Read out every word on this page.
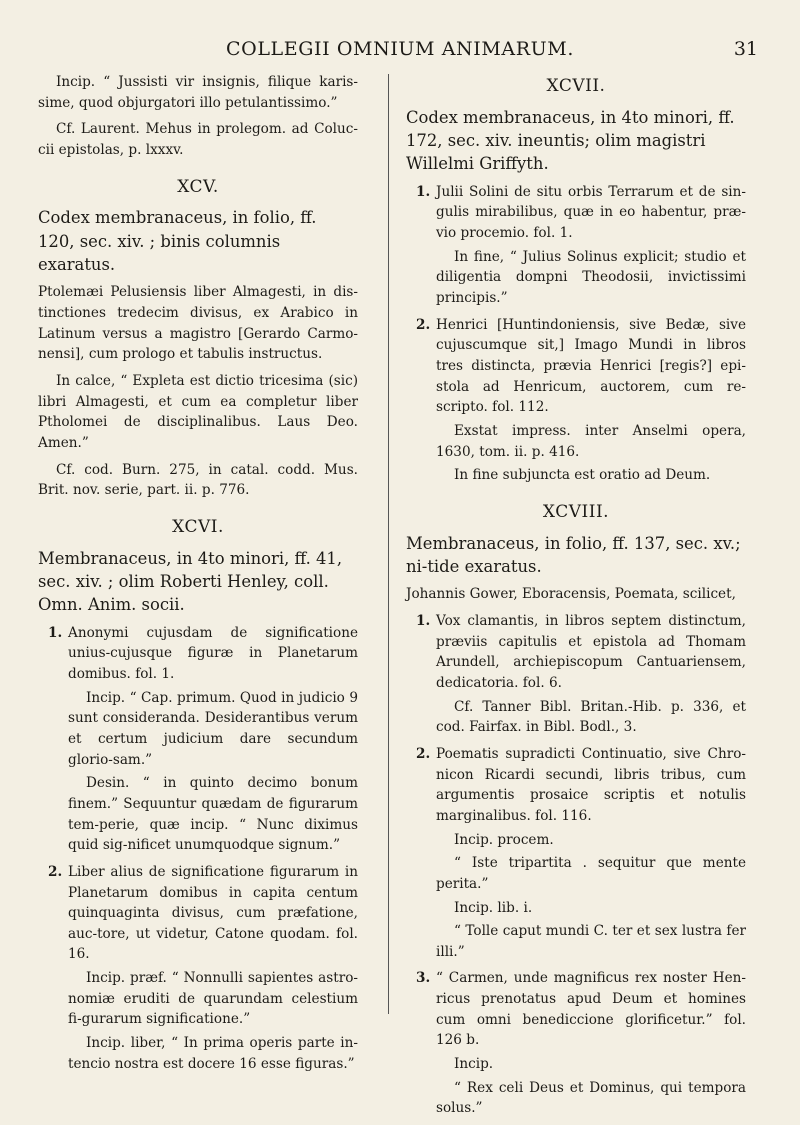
COLLEGII OMNIUM ANIMARUM.	31

Incip. “ Jussisti vir insignis, filique karis-sime, quod objurgatori illo petulantissimo.”

Cf. Laurent. Mehus in prolegom. ad Coluc-cii epistolas, p. lxxxv.

XCV.

Codex membranaceus, in folio, ff. 120, sec. xiv. ; binis columnis exaratus.

Ptolemæi Pelusiensis liber Almagesti, in dis-tinctiones tredecim divisus, ex Arabico in Latinum versus a magistro [Gerardo Carmo-nensi], cum prologo et tabulis instructus.

In calce, “ Expleta est dictio tricesima (sic) libri Almagesti, et cum ea completur liber Ptholomei de disciplinalibus. Laus Deo. Amen.”

Cf. cod. Burn. 275, in catal. codd. Mus. Brit. nov. serie, part. ii. p. 776.

XCVI.

Membranaceus, in 4to minori, ff. 41, sec. xiv. ; olim Roberti Henley, coll. Omn. Anim. socii.

1. Anonymi cujusdam de significatione unius-cujusque figuræ in Planetarum domibus. fol. 1.

Incip. “ Cap. primum. Quod in judicio 9 sunt consideranda. Desiderantibus verum et certum judicium dare secundum glorio-sam.”

Desin. “ in quinto decimo bonum finem.” Sequuntur quædam de figurarum tem-perie, quæ incip. “ Nunc diximus quid sig-nificet unumquodque signum.”

2. Liber alius de significatione figurarum in Planetarum domibus in capita centum quinquaginta divisus, cum præfatione, auc-tore, ut videtur, Catone quodam. fol. 16.

Incip. præf. “ Nonnulli sapientes astro-nomiæ eruditi de quarundam celestium fi-gurarum significatione.”

Incip. liber, “ In prima operis parte in-tencio nostra est docere 16 esse figuras.”

XCVII.

Codex membranaceus, in 4to minori, ff. 172, sec. xiv. ineuntis; olim magistri Willelmi Griffyth.

1. Julii Solini de situ orbis Terrarum et de sin-gulis mirabilibus, quæ in eo habentur, præ-vio procemio. fol. 1.

In fine, “ Julius Solinus explicit; studio et diligentia dompni Theodosii, invictissimi principis.”

2. Henrici [Huntindoniensis, sive Bedæ, sive cujuscumque sit,] Imago Mundi in libros tres distincta, prævia Henrici [regis?] epi-stola ad Henricum, auctorem, cum re-scripto. fol. 112.

Exstat impress. inter Anselmi opera, 1630, tom. ii. p. 416.

In fine subjuncta est oratio ad Deum.

XCVIII.

Membranaceus, in folio, ff. 137, sec. xv.; ni-tide exaratus.

Johannis Gower, Eboracensis, Poemata, scilicet,

1. Vox clamantis, in libros septem distinctum, præviis capitulis et epistola ad Thomam Arundell, archiepiscopum Cantuariensem, dedicatoria. fol. 6.

Cf. Tanner Bibl. Britan.-Hib. p. 336, et cod. Fairfax. in Bibl. Bodl., 3.

2. Poematis supradicti Continuatio, sive Chro-nicon Ricardi secundi, libris tribus, cum argumentis prosaice scriptis et notulis marginalibus. fol. 116.

Incip. procem.

“ Iste tripartita . sequitur que mente perita.”

Incip. lib. i.

“ Tolle caput mundi C. ter et sex lustra fer illi.”

3. “ Carmen, unde magnificus rex noster Hen-ricus prenotatus apud Deum et homines cum omni benediccione glorificetur.” fol. 126 b.

Incip.

“ Rex celi Deus et Dominus, qui tempora solus.”
